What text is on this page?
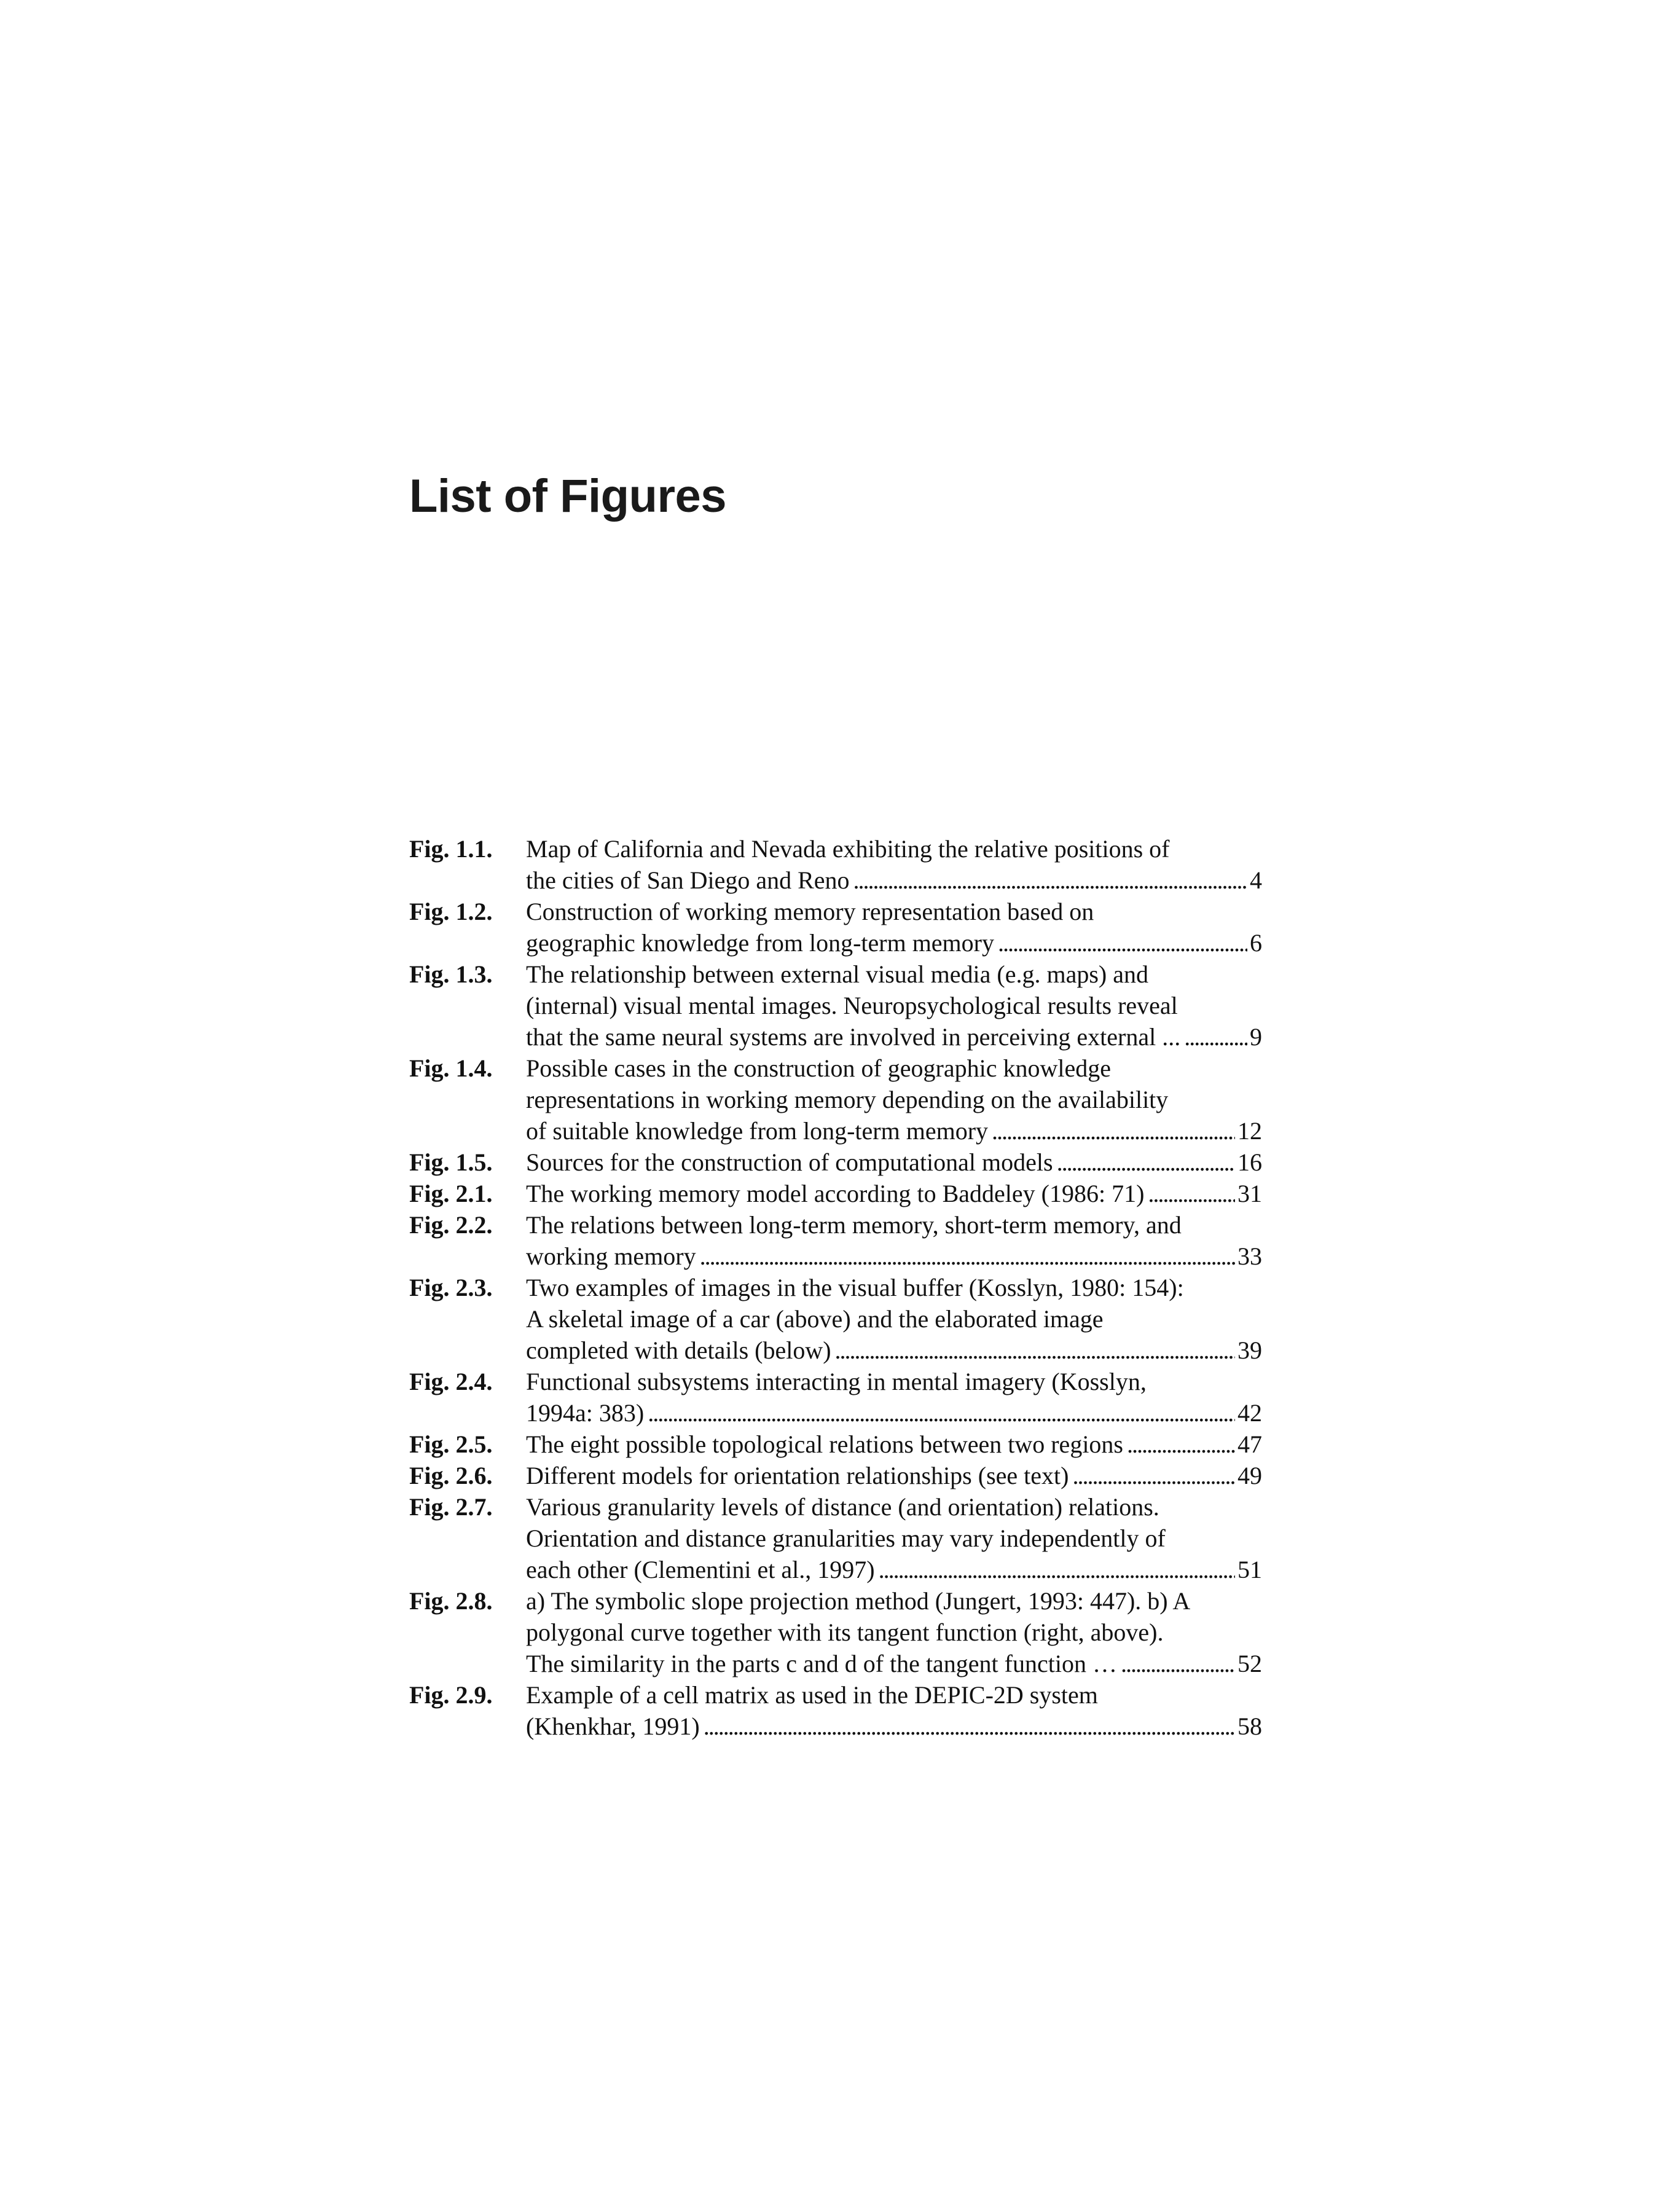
List of Figures
Fig. 1.1. Map of California and Nevada exhibiting the relative positions of
the cities of San Diego and Reno . . .	4
Fig. 1.2. Construction of working memory representation based on
geographic knowledge from long-term memory . . .	6
Fig. 1.3. The relationship between external visual media (e.g. maps) and
(internal) visual mental images. Neuropsychological results reveal
that the same neural systems are involved in perceiving external ... . . .	9
Fig. 1.4. Possible cases in the construction of geographic knowledge
representations in working memory depending on the availability
of suitable knowledge from long-term memory . . .	12
Fig. 1.5. Sources for the construction of computational models . . .	16
Fig. 2.1. The working memory model according to Baddeley (1986: 71) . . .	31
Fig. 2.2. The relations between long-term memory, short-term memory, and
working memory . . .	33
Fig. 2.3. Two examples of images in the visual buffer (Kosslyn, 1980: 154):
A skeletal image of a car (above) and the elaborated image
completed with details (below) . . .	39
Fig. 2.4. Functional subsystems interacting in mental imagery (Kosslyn,
1994a: 383) . . .	42
Fig. 2.5. The eight possible topological relations between two regions . . .	47
Fig. 2.6. Different models for orientation relationships (see text) . . .	49
Fig. 2.7. Various granularity levels of distance (and orientation) relations.
Orientation and distance granularities may vary independently of
each other (Clementini et al., 1997) . . .	51
Fig. 2.8. a) The symbolic slope projection method (Jungert, 1993: 447). b) A
polygonal curve together with its tangent function (right, above).
The similarity in the parts c and d of the tangent function … . . .	52
Fig. 2.9. Example of a cell matrix as used in the DEPIC-2D system
(Khenkhar, 1991) . . .	58
